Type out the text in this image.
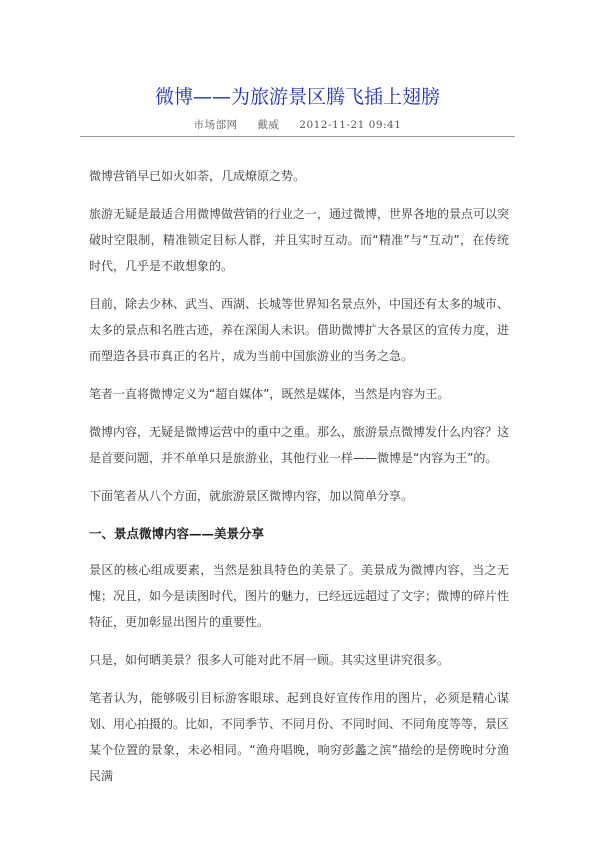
微博——为旅游景区腾飞插上翅膀
市场部网 戴威 2012-11-21 09:41

微博营销早已如火如荼，几成燎原之势。

旅游无疑是最适合用微博做营销的行业之一，通过微博，世界各地的景点可以突破时空限制，精准锁定目标人群，并且实时互动。而“精准”与“互动”，在传统时代，几乎是不敢想象的。

目前，除去少林、武当、西湖、长城等世界知名景点外，中国还有太多的城市、太多的景点和名胜古迹，养在深闺人未识。借助微博扩大各景区的宣传力度，进而塑造各县市真正的名片，成为当前中国旅游业的当务之急。

笔者一直将微博定义为“超自媒体”，既然是媒体，当然是内容为王。

微博内容，无疑是微博运营中的重中之重。那么，旅游景点微博发什么内容？这是首要问题，并不单单只是旅游业，其他行业一样——微博是“内容为王”的。

下面笔者从八个方面，就旅游景区微博内容，加以简单分享。

一、景点微博内容——美景分享

景区的核心组成要素，当然是独具特色的美景了。美景成为微博内容，当之无愧；况且，如今是读图时代，图片的魅力，已经远远超过了文字；微博的碎片性特征，更加彰显出图片的重要性。

只是，如何晒美景？很多人可能对此不屑一顾。其实这里讲究很多。

笔者认为，能够吸引目标游客眼球、起到良好宣传作用的图片，必须是精心谋划、用心拍摄的。比如，不同季节、不同月份、不同时间、不同角度等等，景区某个位置的景象，未必相同。“渔舟唱晚，响穷彭蠡之滨”描绘的是傍晚时分渔民满
